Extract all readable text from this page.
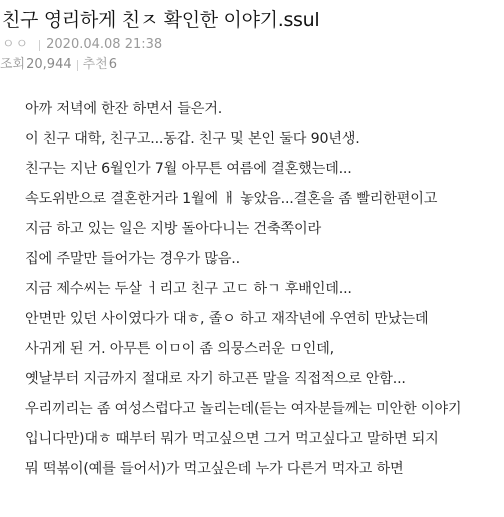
친구 영리하게 친ㅈ 확인한 이야기.ssul
ㅇㅇ 2020.04.08 21:38
조회 20,944 추천 6
아까 저녁에 한잔 하면서 들은거.
이 친구 대학, 친구고...동갑. 친구 및 본인 둘다 90년생.
친구는 지난 6월인가 7월 아무튼 여름에 결혼했는데...
속도위반으로 결혼한거라 1월에 ㅐ 놓았음...결혼을 좀 빨리한편이고
지금 하고 있는 일은 지방 돌아다니는 건축쪽이라
집에 주말만 들어가는 경우가 많음..
지금 제수씨는 두살 ㅓ리고 친구 고ㄷ 하ㄱ 후배인데...
안면만 있던 사이였다가 대ㅎ, 졸ㅇ 하고 재작년에 우연히 만났는데
사귀게 된 거. 아무튼 이ㅁ이 좀 의뭉스러운 ㅁ인데,
옛날부터 지금까지 절대로 자기 하고픈 말을 직접적으로 안함...
우리끼리는 좀 여성스럽다고 놀리는데(듣는 여자분들께는 미안한 이야기
입니다만)대ㅎ 때부터 뭐가 먹고싶으면 그거 먹고싶다고 말하면 되지
뭐 떡볶이(예를 들어서)가 먹고싶은데 누가 다른거 먹자고 하면
